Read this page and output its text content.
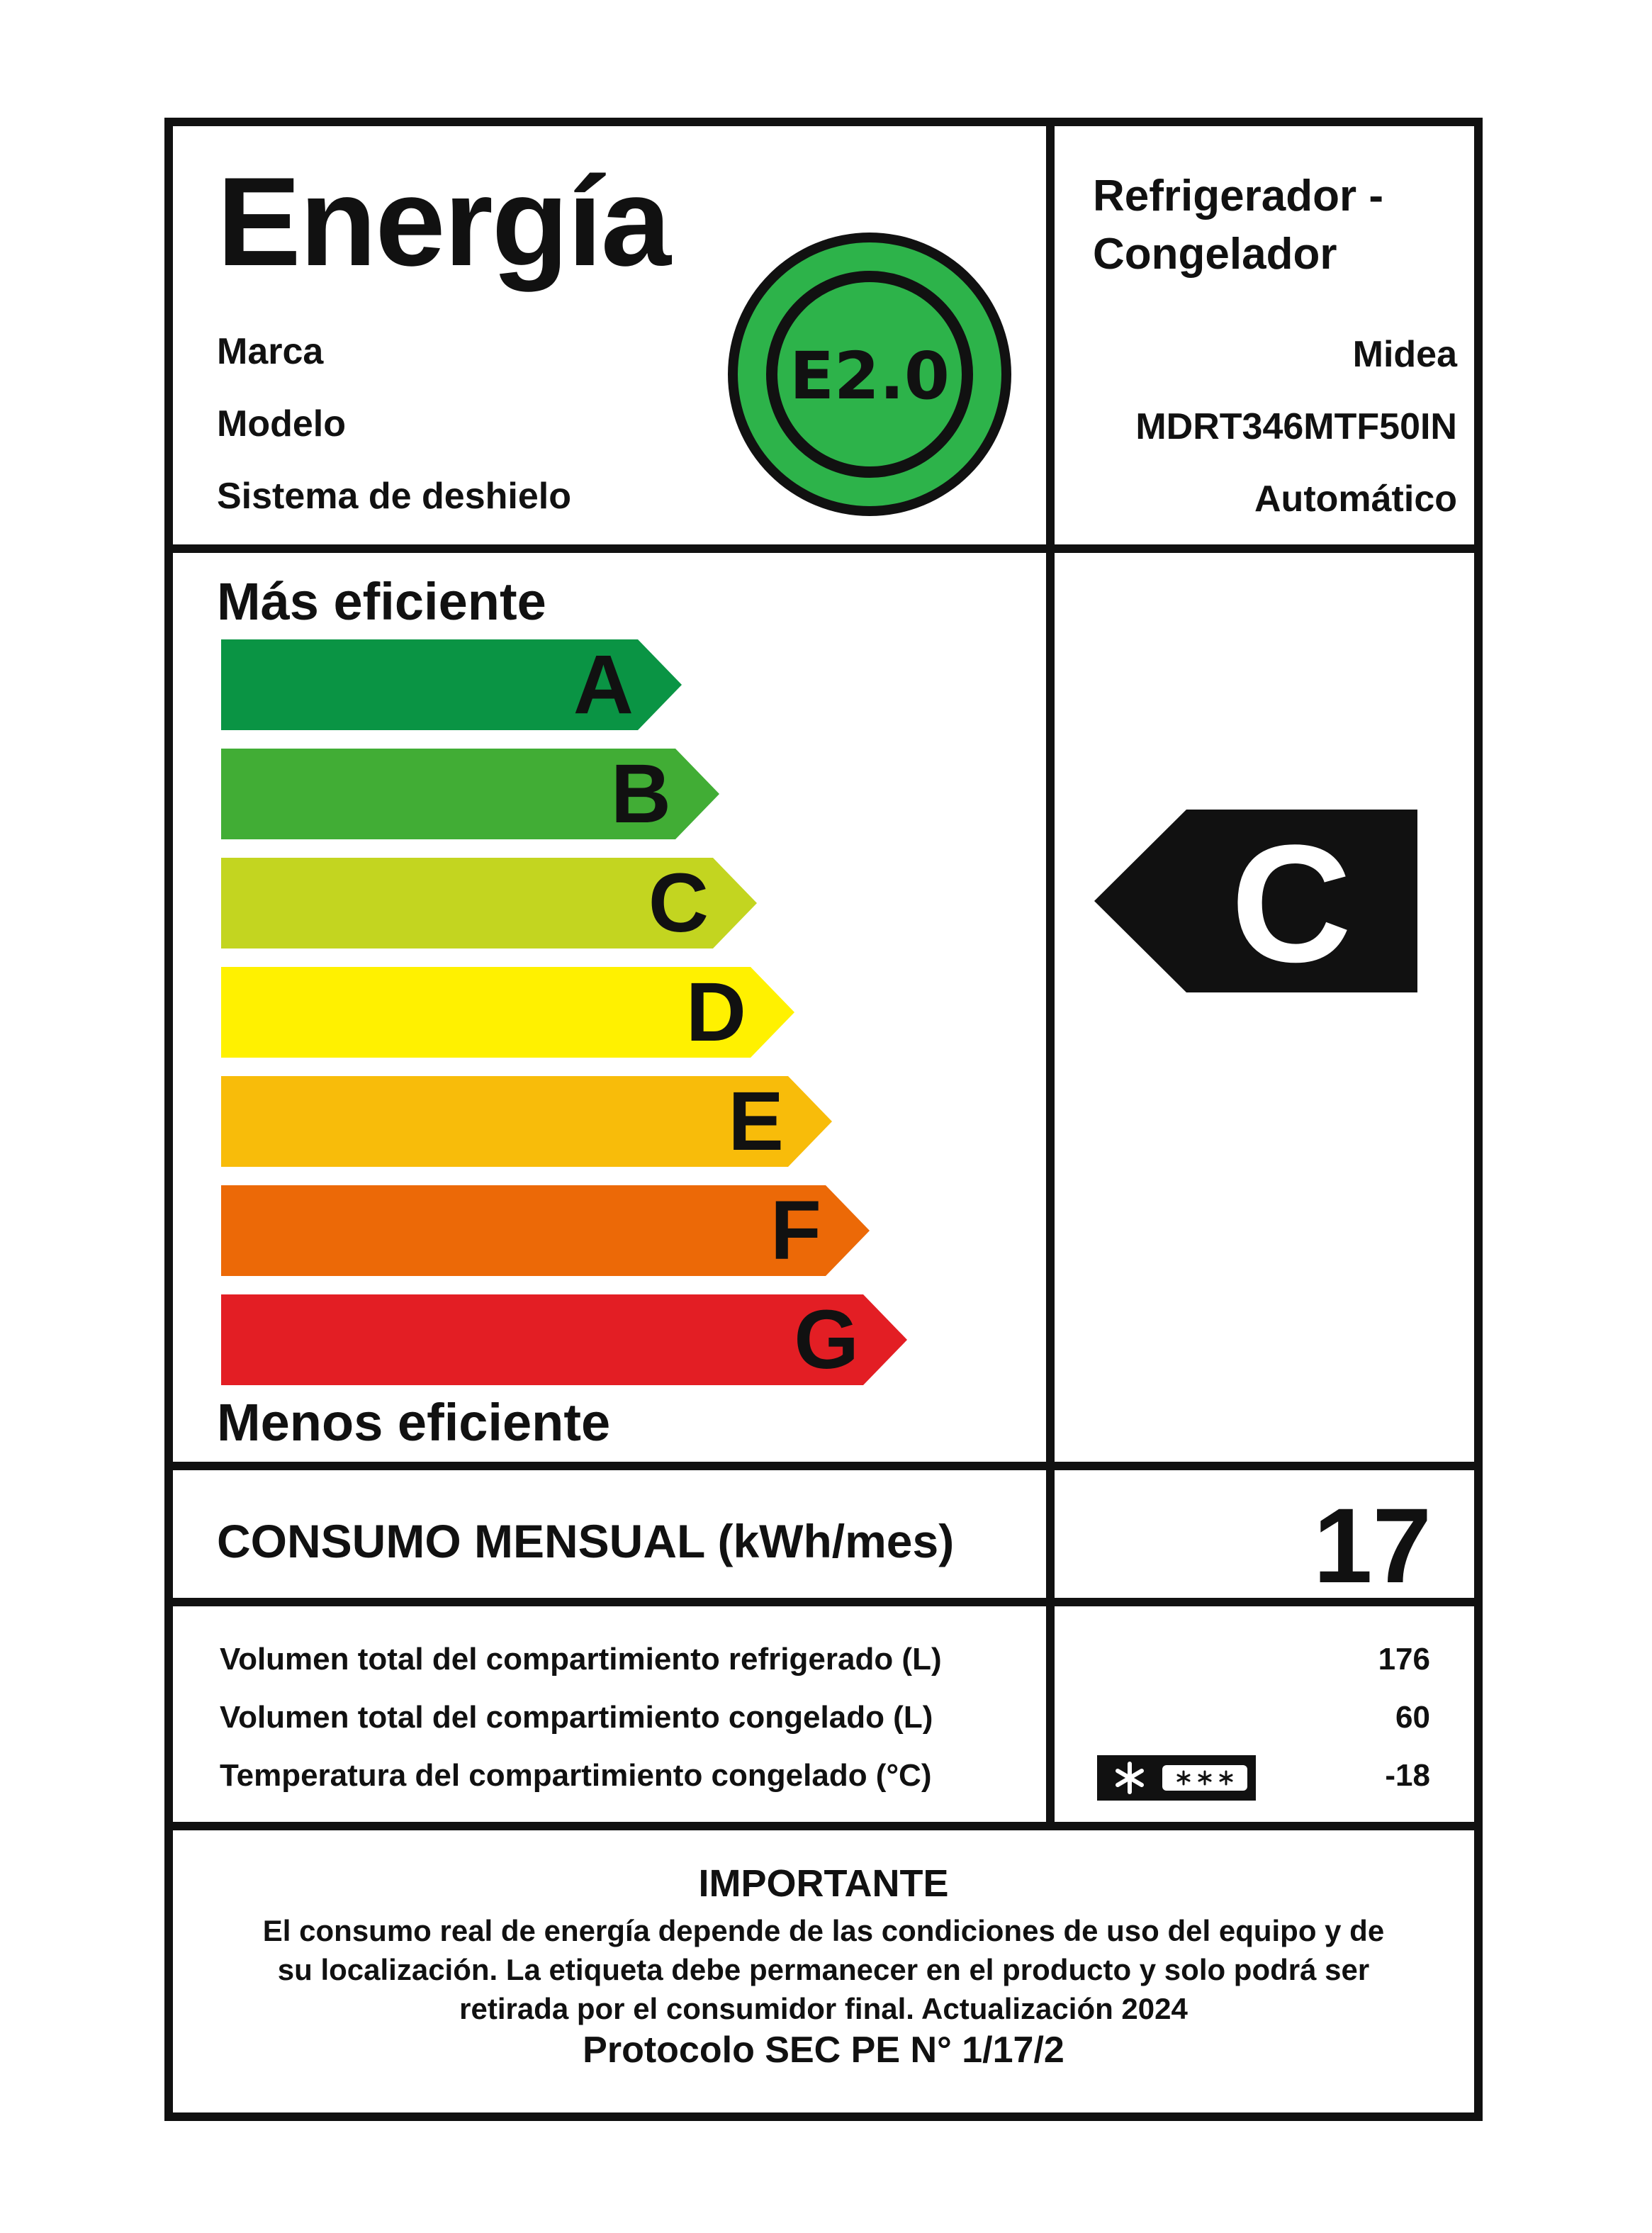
Energía	Refrigerador -
Congelador
E2.0
Marca	Midea
Modelo	MDRT346MTF50IN
Sistema de deshielo	Automático
Más eficiente
A
B
C
D
E
F
G
Menos eficiente
C
CONSUMO MENSUAL (kWh/mes)	17
Volumen total del compartimiento refrigerado (L)	176
Volumen total del compartimiento congelado (L)	60
Temperatura del compartimiento congelado (°C)	-18
IMPORTANTE
El consumo real de energía depende de las condiciones de uso del equipo y de su localización. La etiqueta debe permanecer en el producto y solo podrá ser retirada por el consumidor final. Actualización 2024
Protocolo SEC PE N° 1/17/2
